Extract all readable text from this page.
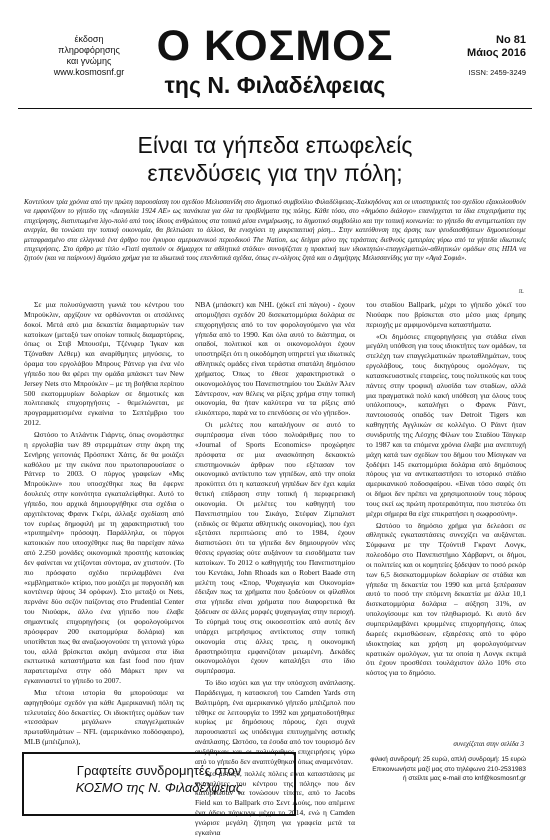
έκδοση
πληροφόρησης
και γνώμης
www.kosmosnf.gr
Ο ΚΟΣΜΟΣ
της Ν. Φιλαδέλφειας
Νο 81
Μάιος 2016
ISSN: 2459-3249
Είναι τα γήπεδα επωφελείς
επενδύσεις για την πόλη;
Κοντεύουν τρία χρόνια από την πρώτη παρουσίαση του σχεδίου Μελισσανίδη στο δημοτικό συμβούλιο Φιλαδέλφειας-Χαλκηδόνας και οι υποστηρικτές του σχεδίου εξακολουθούν να εμφανίζουν το γήπεδο της «Διαγαλία 1924 ΑΕ» ως πανάκεια για όλα τα προβλήματα της πόλης. Κάθε τόσο, στο «δημόσιο διάλογο» επανέρχεται τα ίδια επιχειρήματα της επιχείρησης, διατυπωμένα λίγο-πολύ από τους ίδιους ανθρώπους στα τοπικά μέσα ενημέρωσης, το δημοτικό συμβούλιο και την τοπική κοινωνία: το γήπεδο θα αντιμετωπίσει την ανεργία, θα τονώσει την τοπική οικονομία, θα βελτιώσει το άλλοσ, θα ενισχύσει τη μικρεπαιτική ρίση... Στην κατεύθυνση της άρσης των ψευδαισθήσεων δημοσιεύουμε μεταφρασμένο στα ελληνικά ένα άρθρο του έγκυρου αμερικανικού περιοδικού The Nation, ως δείγμα μόνο της τεράστιας διεθνούς εμπειρίας γύρω από τα γήπεδα ιδιωτικές επιχειρήσεις. Στο άρθρο με τίτλο «Γιατί αγαπούν οι δήμαρχοι τα αθλητικά στάδια» συνοψίζεται η πρακτική των ιδιοκτητών-επαγγελματιών-αθλητικών ομάδων στις ΗΠΑ να ζητούν (και να παίρνουν) δημόσιο χρήμα για τα ιδιωτικά τους επενδυτικά σχέδια, όπως εν-ολίγοις ζητά και ο Δημήτρης Μελισσανίδης για την «Αγιά Σοφιά».
π.

Σε μια πολυσύχναστη γωνιά του κέντρου του Μπρούκλιν, αρχίζουν να ορθώνονται οι ατσάλινες δοκοί. Μετά από μια δεκαετία διαμαρτυριών των κατοίκων (μεταξύ των οποίων τοπικές διαμαρτύρεις, όπως οι Στιβ Μπουσέμι, Τζένιφερ Ίγκαν και Τζόναθαν Λέθεμ) και αναρίθμητες μηνύσεις, το όραμα του εργολάβου Μπρους Ράτνερ για ένα νέο γήπεδο που θα φέρει την ομάδα μπάσκετ των New Jersey Nets στο Μπρούκλιν – με τη βοήθεια περίπου 500 εκατομμυρίων δολαρίων σε δημοτικές και πολιτειακές επιχορηγήσεις - θεμελιώνεται, με προγραμματισμένα εγκαίνια το Σεπτέμβριο του 2012.

Ωστόσο το Ατλάντικ Γιάρντς, όπως ονομάστηκε η εργολαβία των 89 στρεμμάτων στην άκρη της Σενήρης γειτονιάς Πρόσπεκτ Χάιτς, δε θα μοιάζει καθόλου με την εικόνα που πρωτοπαρουσίασε ο Ράτνερ το 2003. Ο πύργος γραφείων «Μις Μπρούκλιν» που υποσχέθηκε πως θα έφερνε δουλειές στην κοινότητα εγκαταλείφθηκε. Αυτό το γήπεδο, που αρχικά δημιουργήθηκε στα σχέδια ο αρχιτέκτονας Φρανκ Γκέρι, άλλαξε σχεδίαση από τον ευρέως δημοφιλή με τη χαρακτηριστική του «τρυπημένη» πρόσοψη. Παράλληλα, οι πύργοι κατοικιών που υποσχέθηκε πως θα παρείχαν πάνω από 2.250 μονάδες οικονομικά προσιτής κατοικίας δεν φαίνεται να χτίζονται σύντομα, αν χτιστούν. (Το πιο πρόσφατο σχέδιο περιλαμβάνει ένα «εμβληματικό» κτίριο, που μοιάζει με πυργοειδή και κοντέινερ ύψους 34 ορόφων). Στο μεταξύ οι Nets, περνάνε δύο σεζόν παίζοντας στο Prudential Center του Νιούαρκ, άλλο ένα γήπεδο που έλαβε σημαντικές επιχορηγήσεις (οι φορολογούμενοι πρόσφεραν 200 εκατομμύρια δολάρια) και υποτίθεται πως θα αναζωογονούσε τη γειτονιά γύρω του, αλλά βρίσκεται ακόμη ανάμεσα στα ίδια εκπτωτικά καταστήματα και fast food που ήταν παρατεταμένα στην οδό Μάρκετ πριν να εγκαινιαστεί το γήπεδο το 2007.

Μια τέτοια ιστορία θα μπορούσαμε να αφηγηθούμε σχεδόν για κάθε Αμερικανική πόλη τις τελευταίες δύο δεκαετίες. Οι ιδιοκτήτες ομάδων των «τεσσάρων μεγάλων» επαγγελματικών πρωταθλημάτων – NFL (αμερικάνικο ποδόσφαιρο), MLB (μπέιζμπολ),

NBA (μπάσκετ) και NHL (χόκεϊ επί πάγου) - έχουν απομυζήσει σχεδόν 20 δισεκατομμύρια δολάρια σε επιχορηγήσεις από το τον φορολογούμενο για νέα γήπεδα από το 1990. Και όλα αυτό το διάστημα, οι οπαδοί, πολιτικοί και οι οικονομολόγοι έχουν υποστηρίξει ότι η οικοδόμηση υπηρετεί για ιδιωτικές αθλητικές ομάδες είναι τεράστια σπατάλη δημόσιου χρήματος. Όπως το έθεσε χαρακτηριστικά ο οικονομολόγος του Πανεπιστημίου του Σκάιλν Άλεν Σάντερσον, «αν θέλεις να ρίξεις χρήμα στην τοπική οικονομία, θα ήταν καλύτερα να τα ρίξεις από ελικόπτερο, παρά να το επενδύσεις σε νέο γήπεδο».

Οι μελέτες που καταλήγουν σε αυτό το συμπέρασμα είναι τόσο πολυάριθμες που το «Journal of Sports Economics» προχώρησε πρόσφατα σε μια ανασκόπηση δεκαοκτώ επιστημονικών άρθρων που εξέτασαν τον οικονομικό αντίκτυπο των γηπέδων, από την οποία προκύπτει ότι η κατασκευή γηπέδων δεν έχει καμία θετική επίδραση στην τοπική ή περιφερειακή οικονομία. Οι μελέτες του καθηγητή του Πανεπιστημίου του Σικάγο, Στέφαν Ζίμπαλιστ (ειδικός σε θέματα αθλητικής οικονομίας), που έχει εξετάσει περιπτώσεις από το 1984, έχουν διαπιστώσει ότι τα γήπεδα δεν δημιουργούν νέες θέσεις εργασίας ούτε αυξάνουν τα εισοδήματα των κατοίκων. Το 2012 ο καθηγητής του Πανεπιστημίου του Κεντάκι, John Rhoads και ο Robert Baade στη μελέτη τους «Σπορ, Ψυχαγωγία και Οικονομία» έδειξαν πως τα χρήματα που ξοδεύουν οι φίλαθλοι στα γήπεδα είναι χρήματα που διαφορετικά θα ξόδευαν σε άλλες μορφές ψυχαγωγίας στην περιοχή. Το εύρημά τους στις οικοσεσιτίσκ από αυτές δεν υπάρχει μετρήσιμος αντίκτυπος στην τοπική οικονομία στις άλλες τρεις, η οικονομική δραστηριότητα εμφανιζόταν μειωμένη. Δεκάδες οικονομολόγοι έχουν καταλήξει στο ίδιο συμπέρασμα.

Το ίδιο ισχύει και για την υπόσχεση ανάπλασης. Παράδειγμα, η κατασκευή του Camden Yards στη Βαλτιμόρη, ένα αμερικανικό γήπεδο μπέιζμπολ που τέθηκε σε λειτουργία το 1992 και χρηματοδοτήθηκε κυρίως με δημόσιους πόρους, έχει συχνά παρουσιαστεί ως υπόδειγμα επιτυχημένης αστικής ανάπλασης. Ωστόσο, τα έσοδα από τον τουρισμό δεν αυξήθηκαν και οι πολυάριθμες επιχειρήσεις γύρω από το γήπεδο δεν αναπτύχθηκαν όπως αναμενόταν.

Στο μεταξύ, πολλές πόλεις είναι καταστάσεις με «καταλύτες του κέντρου της πόλης» που δεν κατόρθωσαν να τονώσουν τίποτε, από το Jacobs Field και το Ballpark στο Σεντ Λούις, που απέμεινε ένα άδειο πάρκινγκ μέχρι το 2014, ενώ η Camden γνώρισε μεγάλη ζήτηση για γραφεία μετά τα εγκαίνια

του σταδίου Ballpark, μέχρι το γήπεδο χόκεϊ του Νιούαρκ που βρίσκεται στο μέσο μιας έρημης περιοχής με αμφιμονόμενα καταστήματα.

«Οι δημόσιες επιχορηγήσεις για στάδια είναι μεγάλη υπόθεση για τους ιδιοκτήτες των ομάδων, τα στελέχη των επαγγελματικών πρωταθλημάτων, τους εργολάβους, τους δικηγόρους ομολόγων, τις κατασκευαστικές εταιρείες, τους πολιτικούς και τους πάντες στην τροφική αλυσίδα των σταδίων, αλλά μια πραγματικά πολύ κακή υπόθεση για όλους τους υπόλοιπους», καταλήγει ο Φρανκ Ράιντ, παντοιοσούς οπαδός των Detroit Tigers και καθηγητής Αγγλικών σε κολλέγιο. Ο Ράιντ ήταν συνιδρυτής της Λέσχης Φίλων του Σταδίου Τάιγκερ το 1987 και τα επόμενα χρόνια έλαβε μια ανεπιτυχή μάχη κατά των σχεδίων του δήμου του Μίσιγκαν να ξοδέψει 145 εκατομμύρια δολάρια από δημόσιους πόρους για να αντικαταστήσει το ιστορικό στάδιο αμερικανικού ποδοσφαίρου. «Είναι τόσο σαφές ότι οι δήμοι δεν πρέπει να χρησιμοποιούν τους πόρους τους εκεί ως πρώτη προτεραιότητα, που πιστεύω ότι μέχρι σήμερα θα είχε επικρατήσει η σωφροσύνη».

Ωστόσο το δημόσιο χρήμα για δελεάσει σε αθλητικές εγκαταστάσεις συνεχίζει να αυξάνεται. Σύμφωνα με την Τζούντιθ Γκραντ Λονγκ, πολεοδόμο στο Πανεπιστήμιο Χάρβαρντ, οι δήμοι, οι πολιτείες και οι κομητείες ξόδεψαν το ποσό ρεκόρ των 6,5 δισεκατομμυρίων δολαρίων σε στάδια και γήπεδα τη δεκαετία του 1990 και μετά ξεπέρασαν αυτό το ποσό την επόμενη δεκαετία με άλλα 10,1 δισεκατομμύρια δολάρια – αύξηση 31%, αν υπολογίσουμε και τον πληθωρισμό. Κι αυτό δεν συμπεριλαμβάνει κρυμμένες επιχορηγήσεις, όπως δωρεές εκμισθώσεων, εξαιρέσεις από το φόρο ιδιοκτησίας και χρήση μη φορολογούμενων κρατικών ομολόγων, για τα οποία η Λονγκ εκτιμά ότι έχουν προσθέσει τουλάχιστον άλλο 10% στο κόστος για το δημόσιο.

συνεχίζεται στην σελίδα 3
Γραφτείτε συνδρομητές στον
ΚΟΣΜΟ της Ν. Φιλαδέλφειας
φιλική συνδρομή: 25 ευρώ, απλή συνδρομή: 15 ευρώ
Επικοινωνήστε μαζί μας στο τηλέφωνο 210-2531983
ή στείλτε μας e-mail στο knf@kosmosnf.gr
